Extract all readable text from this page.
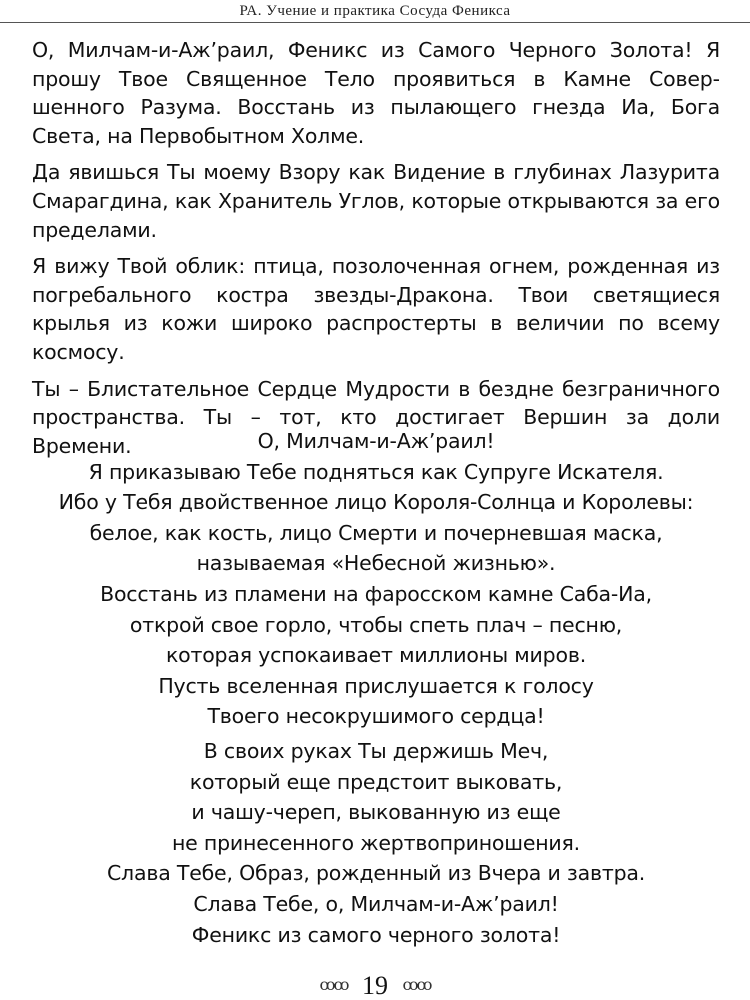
РА. Учение и практика Сосуда Феникса

О, Милчам-и-Аж’раил, Феникс из Самого Черного Золота! Я прошу Твое Священное Тело проявиться в Камне Совершенного Разума. Восстань из пылающего гнезда Иа, Бога Света, на Первобытном Холме.

Да явишься Ты моему Взору как Видение в глубинах Лазурита Смарагдина, как Хранитель Углов, которые открываются за его пределами.

Я вижу Твой облик: птица, позолоченная огнем, рожденная из погребального костра звезды-Дракона. Твои светящиеся крылья из кожи широко распростерты в величии по всему космосу.

Ты – Блистательное Сердце Мудрости в бездне безграничного пространства. Ты – тот, кто достигает Вершин за доли Времени.	О, Милчам-и-Аж’раил!
Я приказываю Тебе подняться как Супруге Искателя.
Ибо у Тебя двойственное лицо Короля-Солнца и Королевы:
белое, как кость, лицо Смерти и почерневшая маска,
называемая «Небесной жизнью».
Восстань из пламени на фаросском камне Саба-Иа,
открой свое горло, чтобы спеть плач – песню,
которая успокаивает миллионы миров.
Пусть вселенная прислушается к голосу
Твоего несокрушимого сердца!
В своих руках Ты держишь Меч,
который еще предстоит выковать,
и чашу-череп, выкованную из еще
не принесенного жертвоприношения.
Слава Тебе, Образ, рожденный из Вчера и завтра.
Слава Тебе, о, Милчам-и-Аж’раил!
Феникс из самого черного золота!
ꝏꝏ 19 ꝏꝏ
